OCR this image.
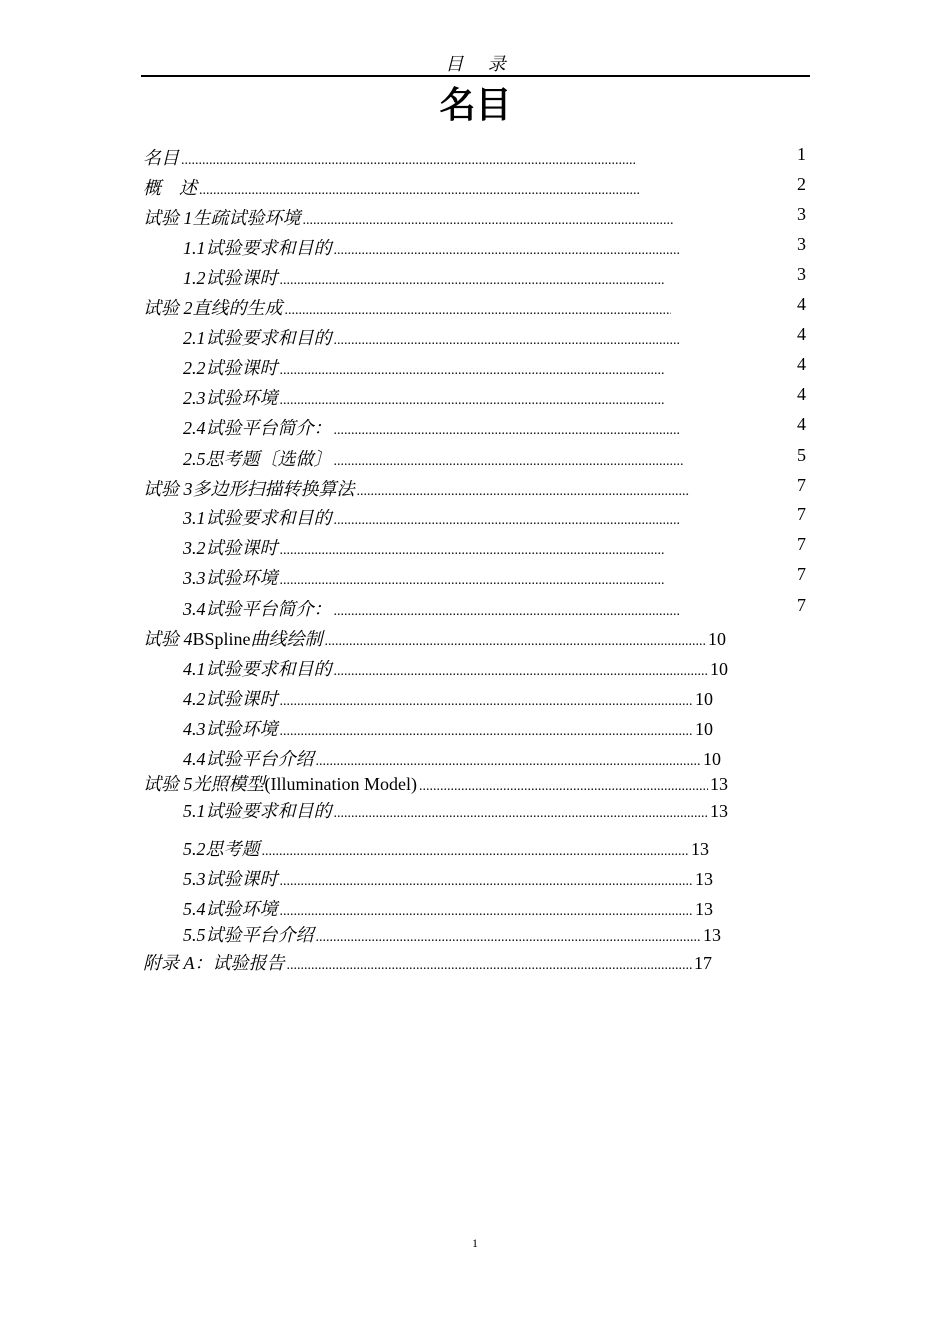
目 录
名目
名目 .....	1
概　述 .....	2
试验 1 生疏试验环境 .....	3
1.1 试验要求和目的 .....	3
1.2 试验课时 .....	3
试验 2 直线的生成 .....	4
2.1 试验要求和目的 .....	4
2.2 试验课时 .....	4
2.3 试验环境 .....	4
2.4 试验平台简介： .....	4
2.5 思考题〔选做〕 .....	5
试验 3 多边形扫描转换算法 .....	7
3.1 试验要求和目的 .....	7
3.2 试验课时 .....	7
3.3 试验环境 .....	7
3.4 试验平台简介： .....	7
试验 4 BSpline 曲线绘制 .....	10
4.1 试验要求和目的 .....	10
4.2 试验课时 .....	10
4.3 试验环境 .....	10
4.4 试验平台介绍 .....	10
试验 5 光照模型 (Illumination Model) .....	13
5.1 试验要求和目的 .....	13
5.2 思考题 .....	13
5.3 试验课时 .....	13
5.4 试验环境 .....	13
5.5 试验平台介绍 .....	13
附录 A： 试验报告 .....	17
1
